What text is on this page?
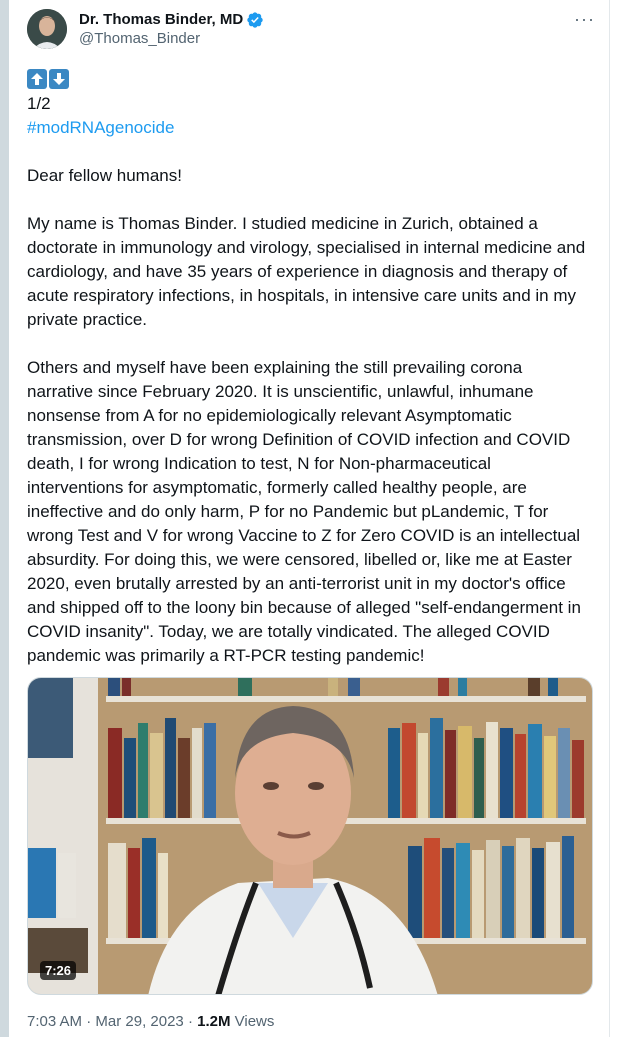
Dr. Thomas Binder, MD
@Thomas_Binder
···
1/2
#modRNAgenocide

Dear fellow humans!

My name is Thomas Binder. I studied medicine in Zurich, obtained a doctorate in immunology and virology, specialised in internal medicine and cardiology, and have 35 years of experience in diagnosis and therapy of acute respiratory infections, in hospitals, in intensive care units and in my private practice.

Others and myself have been explaining the still prevailing corona narrative since February 2020. It is unscientific, unlawful, inhumane nonsense from A for no epidemiologically relevant Asymptomatic transmission, over D for wrong Definition of COVID infection and COVID death, I for wrong Indication to test, N for Non-pharmaceutical interventions for asymptomatic, formerly called healthy people, are ineffective and do only harm, P for no Pandemic but pLandemic, T for wrong Test and V for wrong Vaccine to Z for Zero COVID is an intellectual absurdity. For doing this, we were censored, libelled or, like me at Easter 2020, even brutally arrested by an anti-terrorist unit in my doctor's office and shipped off to the loony bin because of alleged "self-endangerment in COVID insanity". Today, we are totally vindicated. The alleged COVID pandemic was primarily a RT-PCR testing pandemic!

7:26
7:03 AM · Mar 29, 2023 · 1.2M Views
